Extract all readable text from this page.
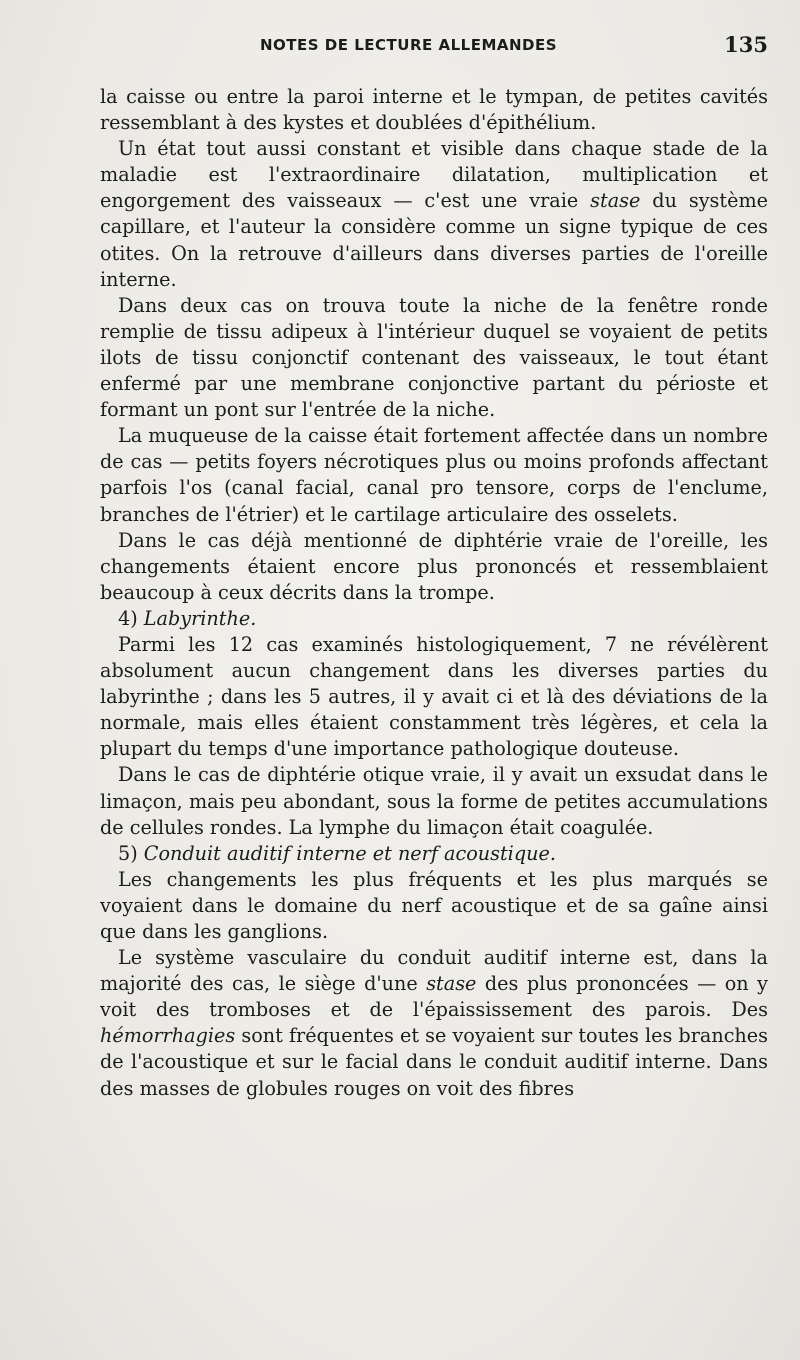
NOTES DE LECTURE ALLEMANDES	135

la caisse ou entre la paroi interne et le tympan, de petites cavités ressemblant à des kystes et doublées d'épithélium.

Un état tout aussi constant et visible dans chaque stade de la maladie est l'extraordinaire dilatation, multiplication et engorgement des vaisseaux — c'est une vraie stase du système capillare, et l'auteur la considère comme un signe typique de ces otites. On la retrouve d'ailleurs dans diverses parties de l'oreille interne.

Dans deux cas on trouva toute la niche de la fenêtre ronde remplie de tissu adipeux à l'intérieur duquel se voyaient de petits ilots de tissu conjonctif contenant des vaisseaux, le tout étant enfermé par une membrane conjonctive partant du périoste et formant un pont sur l'entrée de la niche.

La muqueuse de la caisse était fortement affectée dans un nombre de cas — petits foyers nécrotiques plus ou moins profonds affectant parfois l'os (canal facial, canal pro tensore, corps de l'enclume, branches de l'étrier) et le cartilage articulaire des osselets.

Dans le cas déjà mentionné de diphtérie vraie de l'oreille, les changements étaient encore plus prononcés et ressemblaient beaucoup à ceux décrits dans la trompe.

4) Labyrinthe.

Parmi les 12 cas examinés histologiquement, 7 ne révélèrent absolument aucun changement dans les diverses parties du labyrinthe ; dans les 5 autres, il y avait ci et là des déviations de la normale, mais elles étaient constamment très légères, et cela la plupart du temps d'une importance pathologique douteuse.

Dans le cas de diphtérie otique vraie, il y avait un exsudat dans le limaçon, mais peu abondant, sous la forme de petites accumulations de cellules rondes. La lymphe du limaçon était coagulée.

5) Conduit auditif interne et nerf acoustique.

Les changements les plus fréquents et les plus marqués se voyaient dans le domaine du nerf acoustique et de sa gaîne ainsi que dans les ganglions.

Le système vasculaire du conduit auditif interne est, dans la majorité des cas, le siège d'une stase des plus prononcées — on y voit des tromboses et de l'épaississement des parois. Des hémorrhagies sont fréquentes et se voyaient sur toutes les branches de l'acoustique et sur le facial dans le conduit auditif interne. Dans des masses de globules rouges on voit des fibres
